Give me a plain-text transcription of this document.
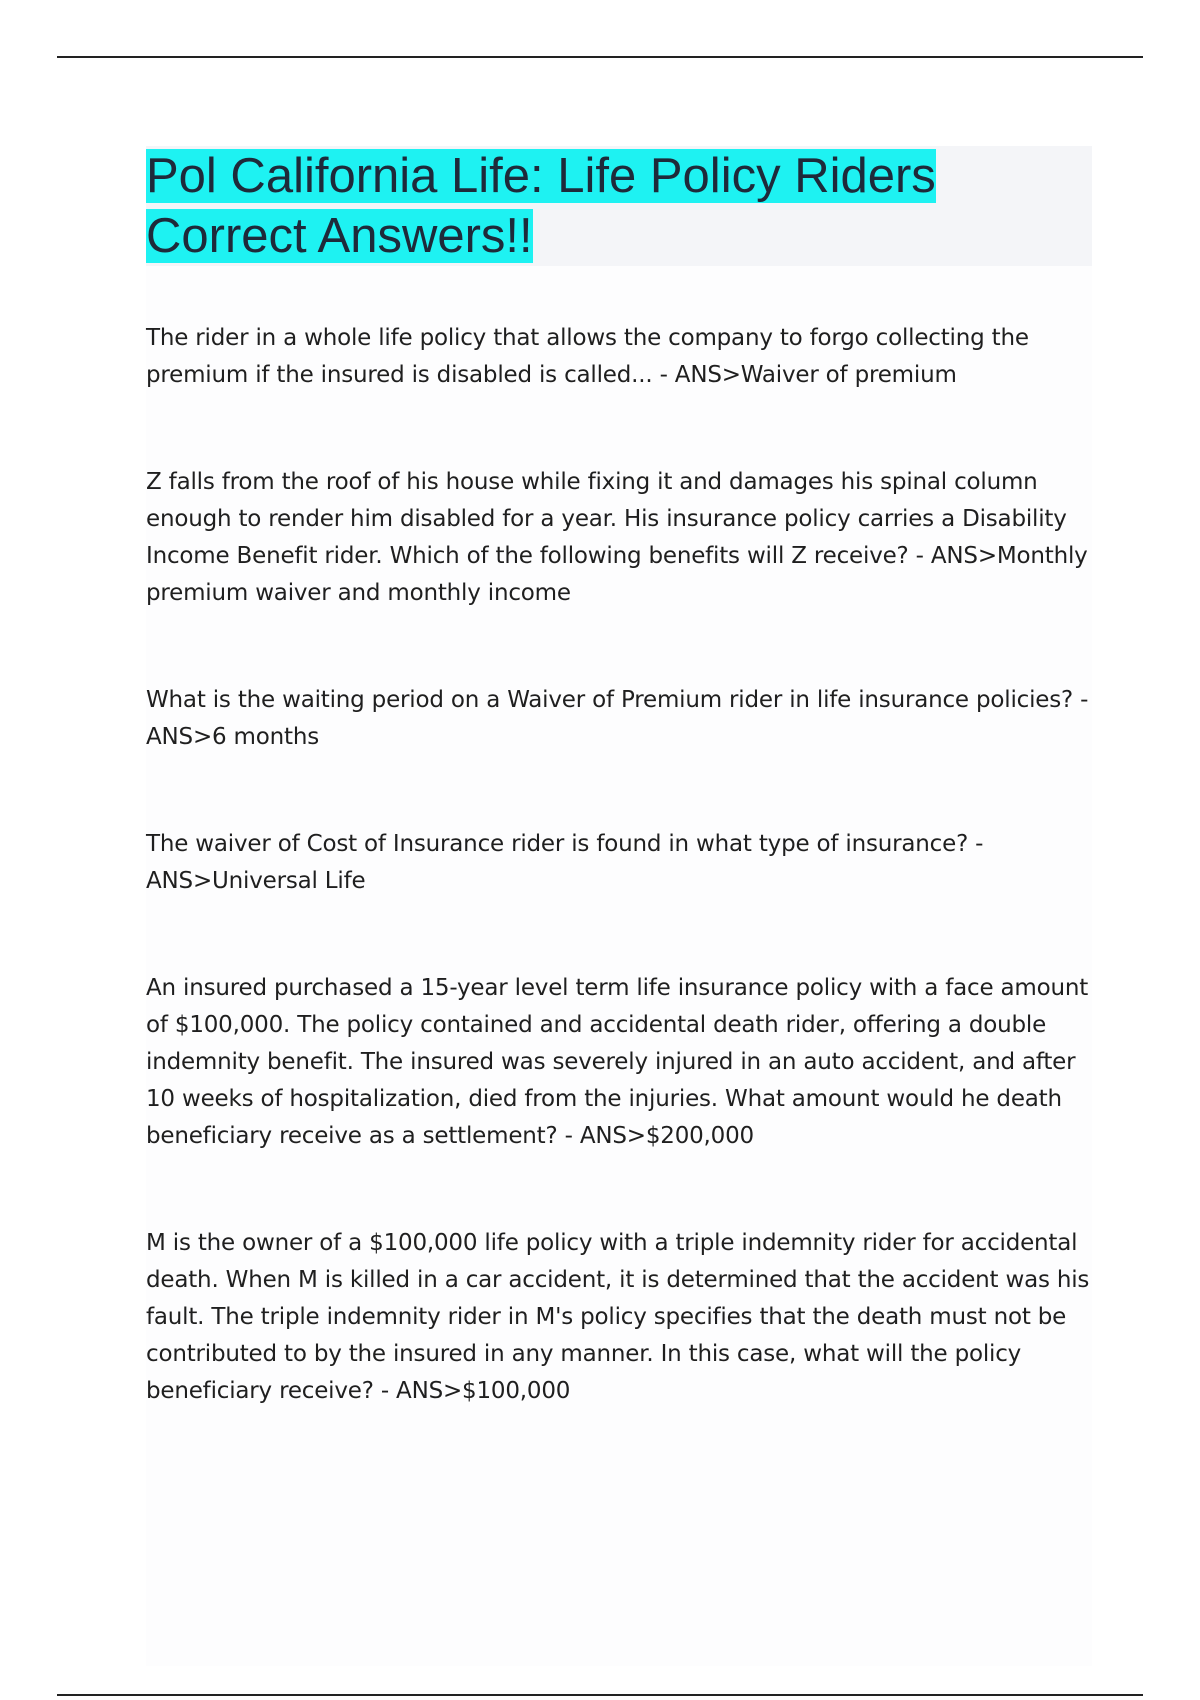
Pol California Life: Life Policy Riders Correct Answers!!

The rider in a whole life policy that allows the company to forgo collecting the premium if the insured is disabled is called... - ANS>Waiver of premium

Z falls from the roof of his house while fixing it and damages his spinal column enough to render him disabled for a year. His insurance policy carries a Disability Income Benefit rider. Which of the following benefits will Z receive? - ANS>Monthly premium waiver and monthly income

What is the waiting period on a Waiver of Premium rider in life insurance policies? - ANS>6 months

The waiver of Cost of Insurance rider is found in what type of insurance? - ANS>Universal Life

An insured purchased a 15-year level term life insurance policy with a face amount of $100,000. The policy contained and accidental death rider, offering a double indemnity benefit. The insured was severely injured in an auto accident, and after 10 weeks of hospitalization, died from the injuries. What amount would he death beneficiary receive as a settlement? - ANS>$200,000

M is the owner of a $100,000 life policy with a triple indemnity rider for accidental death. When M is killed in a car accident, it is determined that the accident was his fault. The triple indemnity rider in M's policy specifies that the death must not be contributed to by the insured in any manner. In this case, what will the policy beneficiary receive? - ANS>$100,000
